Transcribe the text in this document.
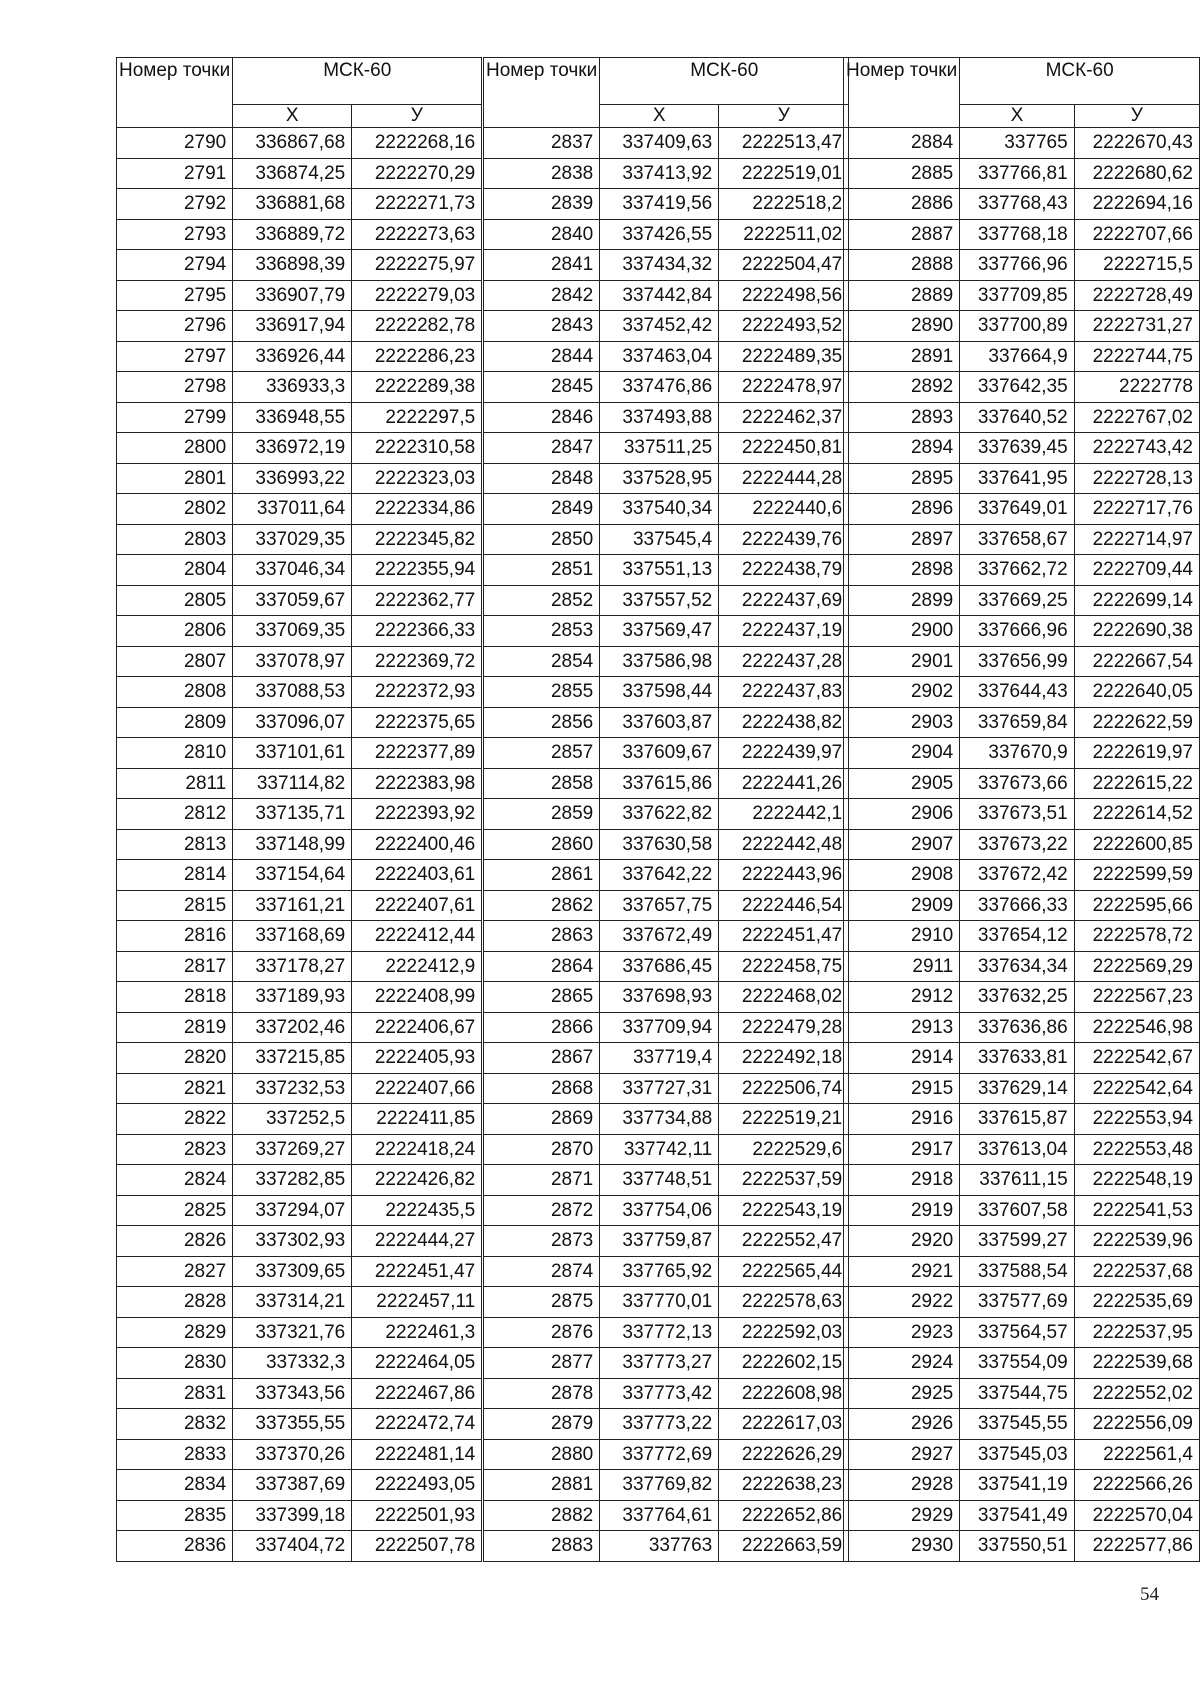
Номер точки	МСК-60	
	Х	У
2790	336867,68	2222268,16
2791	336874,25	2222270,29
2792	336881,68	2222271,73
2793	336889,72	2222273,63
2794	336898,39	2222275,97
2795	336907,79	2222279,03
2796	336917,94	2222282,78
2797	336926,44	2222286,23
2798	336933,3	2222289,38
2799	336948,55	2222297,5
2800	336972,19	2222310,58
2801	336993,22	2222323,03
2802	337011,64	2222334,86
2803	337029,35	2222345,82
2804	337046,34	2222355,94
2805	337059,67	2222362,77
2806	337069,35	2222366,33
2807	337078,97	2222369,72
2808	337088,53	2222372,93
2809	337096,07	2222375,65
2810	337101,61	2222377,89
2811	337114,82	2222383,98
2812	337135,71	2222393,92
2813	337148,99	2222400,46
2814	337154,64	2222403,61
2815	337161,21	2222407,61
2816	337168,69	2222412,44
2817	337178,27	2222412,9
2818	337189,93	2222408,99
2819	337202,46	2222406,67
2820	337215,85	2222405,93
2821	337232,53	2222407,66
2822	337252,5	2222411,85
2823	337269,27	2222418,24
2824	337282,85	2222426,82
2825	337294,07	2222435,5
2826	337302,93	2222444,27
2827	337309,65	2222451,47
2828	337314,21	2222457,11
2829	337321,76	2222461,3
2830	337332,3	2222464,05
2831	337343,56	2222467,86
2832	337355,55	2222472,74
2833	337370,26	2222481,14
2834	337387,69	2222493,05
2835	337399,18	2222501,93
2836	337404,72	2222507,78
Номер точки	МСК-60	
	Х	У
2837	337409,63	2222513,47
2838	337413,92	2222519,01
2839	337419,56	2222518,2
2840	337426,55	2222511,02
2841	337434,32	2222504,47
2842	337442,84	2222498,56
2843	337452,42	2222493,52
2844	337463,04	2222489,35
2845	337476,86	2222478,97
2846	337493,88	2222462,37
2847	337511,25	2222450,81
2848	337528,95	2222444,28
2849	337540,34	2222440,6
2850	337545,4	2222439,76
2851	337551,13	2222438,79
2852	337557,52	2222437,69
2853	337569,47	2222437,19
2854	337586,98	2222437,28
2855	337598,44	2222437,83
2856	337603,87	2222438,82
2857	337609,67	2222439,97
2858	337615,86	2222441,26
2859	337622,82	2222442,1
2860	337630,58	2222442,48
2861	337642,22	2222443,96
2862	337657,75	2222446,54
2863	337672,49	2222451,47
2864	337686,45	2222458,75
2865	337698,93	2222468,02
2866	337709,94	2222479,28
2867	337719,4	2222492,18
2868	337727,31	2222506,74
2869	337734,88	2222519,21
2870	337742,11	2222529,6
2871	337748,51	2222537,59
2872	337754,06	2222543,19
2873	337759,87	2222552,47
2874	337765,92	2222565,44
2875	337770,01	2222578,63
2876	337772,13	2222592,03
2877	337773,27	2222602,15
2878	337773,42	2222608,98
2879	337773,22	2222617,03
2880	337772,69	2222626,29
2881	337769,82	2222638,23
2882	337764,61	2222652,86
2883	337763	2222663,59
Номер точки	МСК-60	
	Х	У
2884	337765	2222670,43
2885	337766,81	2222680,62
2886	337768,43	2222694,16
2887	337768,18	2222707,66
2888	337766,96	2222715,5
2889	337709,85	2222728,49
2890	337700,89	2222731,27
2891	337664,9	2222744,75
2892	337642,35	2222778
2893	337640,52	2222767,02
2894	337639,45	2222743,42
2895	337641,95	2222728,13
2896	337649,01	2222717,76
2897	337658,67	2222714,97
2898	337662,72	2222709,44
2899	337669,25	2222699,14
2900	337666,96	2222690,38
2901	337656,99	2222667,54
2902	337644,43	2222640,05
2903	337659,84	2222622,59
2904	337670,9	2222619,97
2905	337673,66	2222615,22
2906	337673,51	2222614,52
2907	337673,22	2222600,85
2908	337672,42	2222599,59
2909	337666,33	2222595,66
2910	337654,12	2222578,72
2911	337634,34	2222569,29
2912	337632,25	2222567,23
2913	337636,86	2222546,98
2914	337633,81	2222542,67
2915	337629,14	2222542,64
2916	337615,87	2222553,94
2917	337613,04	2222553,48
2918	337611,15	2222548,19
2919	337607,58	2222541,53
2920	337599,27	2222539,96
2921	337588,54	2222537,68
2922	337577,69	2222535,69
2923	337564,57	2222537,95
2924	337554,09	2222539,68
2925	337544,75	2222552,02
2926	337545,55	2222556,09
2927	337545,03	2222561,4
2928	337541,19	2222566,26
2929	337541,49	2222570,04
2930	337550,51	2222577,86
54
